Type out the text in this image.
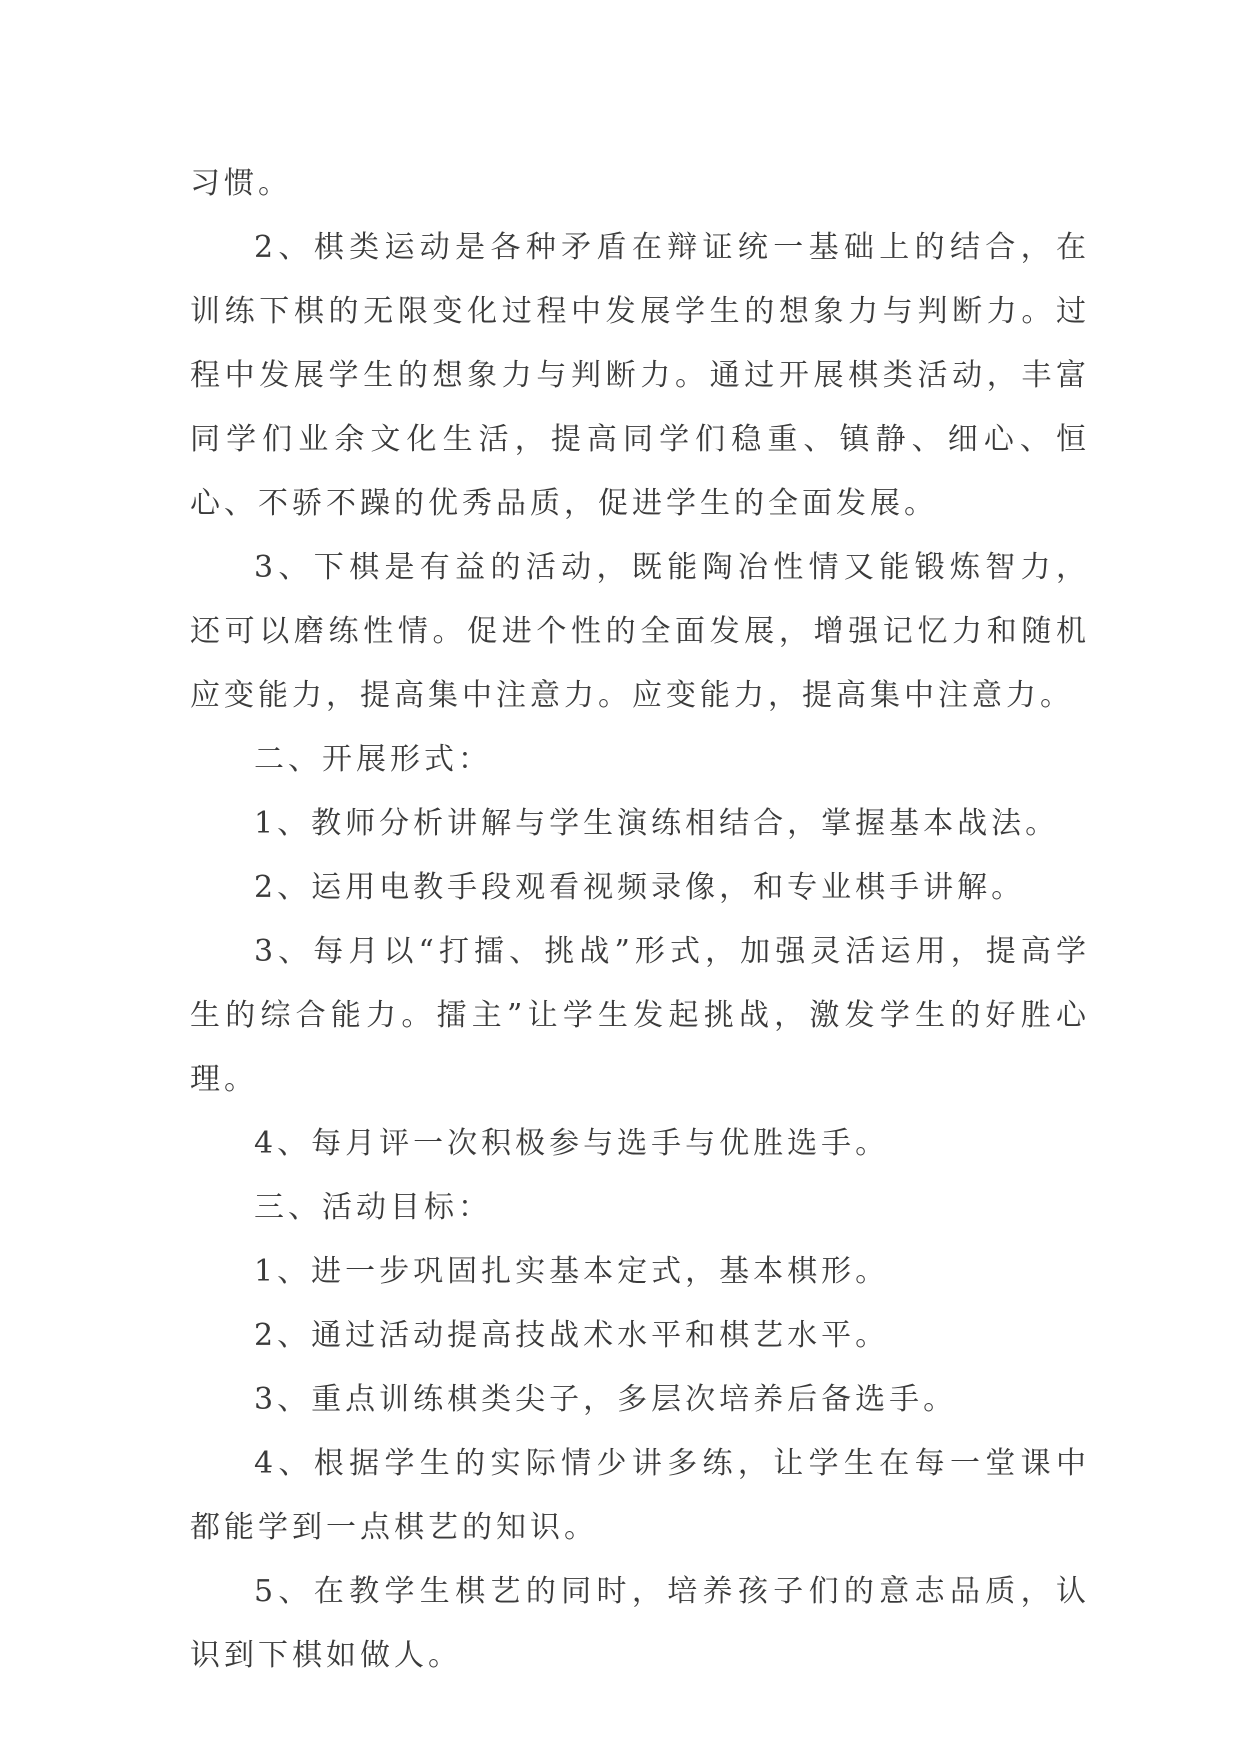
习惯。

2、棋类运动是各种矛盾在辩证统一基础上的结合，在训练下棋的无限变化过程中发展学生的想象力与判断力。过程中发展学生的想象力与判断力。通过开展棋类活动，丰富同学们业余文化生活，提高同学们稳重、镇静、细心、恒心、不骄不躁的优秀品质，促进学生的全面发展。

3、下棋是有益的活动，既能陶冶性情又能锻炼智力，还可以磨练性情。促进个性的全面发展，增强记忆力和随机应变能力，提高集中注意力。应变能力，提高集中注意力。

二、开展形式：

1、教师分析讲解与学生演练相结合，掌握基本战法。

2、运用电教手段观看视频录像，和专业棋手讲解。

3、每月以“打擂、挑战”形式，加强灵活运用，提高学生的综合能力。擂主”让学生发起挑战，激发学生的好胜心理。

4、每月评一次积极参与选手与优胜选手。

三、活动目标：

1、进一步巩固扎实基本定式，基本棋形。

2、通过活动提高技战术水平和棋艺水平。

3、重点训练棋类尖子，多层次培养后备选手。

4、根据学生的实际情少讲多练，让学生在每一堂课中都能学到一点棋艺的知识。

5、在教学生棋艺的同时，培养孩子们的意志品质，认识到下棋如做人。
